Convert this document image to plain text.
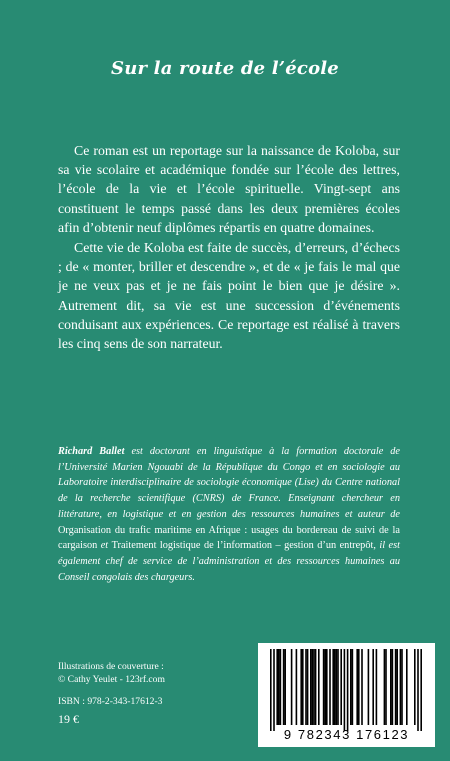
Sur la route de l’école

Ce roman est un reportage sur la naissance de Koloba, sur sa vie scolaire et académique fondée sur l’école des lettres, l’école de la vie et l’école spirituelle. Vingt-sept ans constituent le temps passé dans les deux premières écoles afin d’obtenir neuf diplômes répartis en quatre domaines.

Cette vie de Koloba est faite de succès, d’erreurs, d’échecs ; de « monter, briller et descendre », et de « je fais le mal que je ne veux pas et je ne fais point le bien que je désire ». Autrement dit, sa vie est une succession d’événements conduisant aux expériences. Ce reportage est réalisé à travers les cinq sens de son narrateur.

Richard Ballet est doctorant en linguistique à la formation doctorale de l’Université Marien Ngouabi de la République du Congo et en sociologie au Laboratoire interdisciplinaire de sociologie économique (Lise) du Centre national de la recherche scientifique (CNRS) de France. Enseignant chercheur en littérature, en logistique et en gestion des ressources humaines et auteur de Organisation du trafic maritime en Afrique : usages du bordereau de suivi de la cargaison et Traitement logistique de l’information – gestion d’un entrepôt, il est également chef de service de l’administration et des ressources humaines au Conseil congolais des chargeurs.
Illustrations de couverture :
© Cathy Yeulet - 123rf.com
ISBN : 978-2-343-17612-3
19 €
9 782343 176123
